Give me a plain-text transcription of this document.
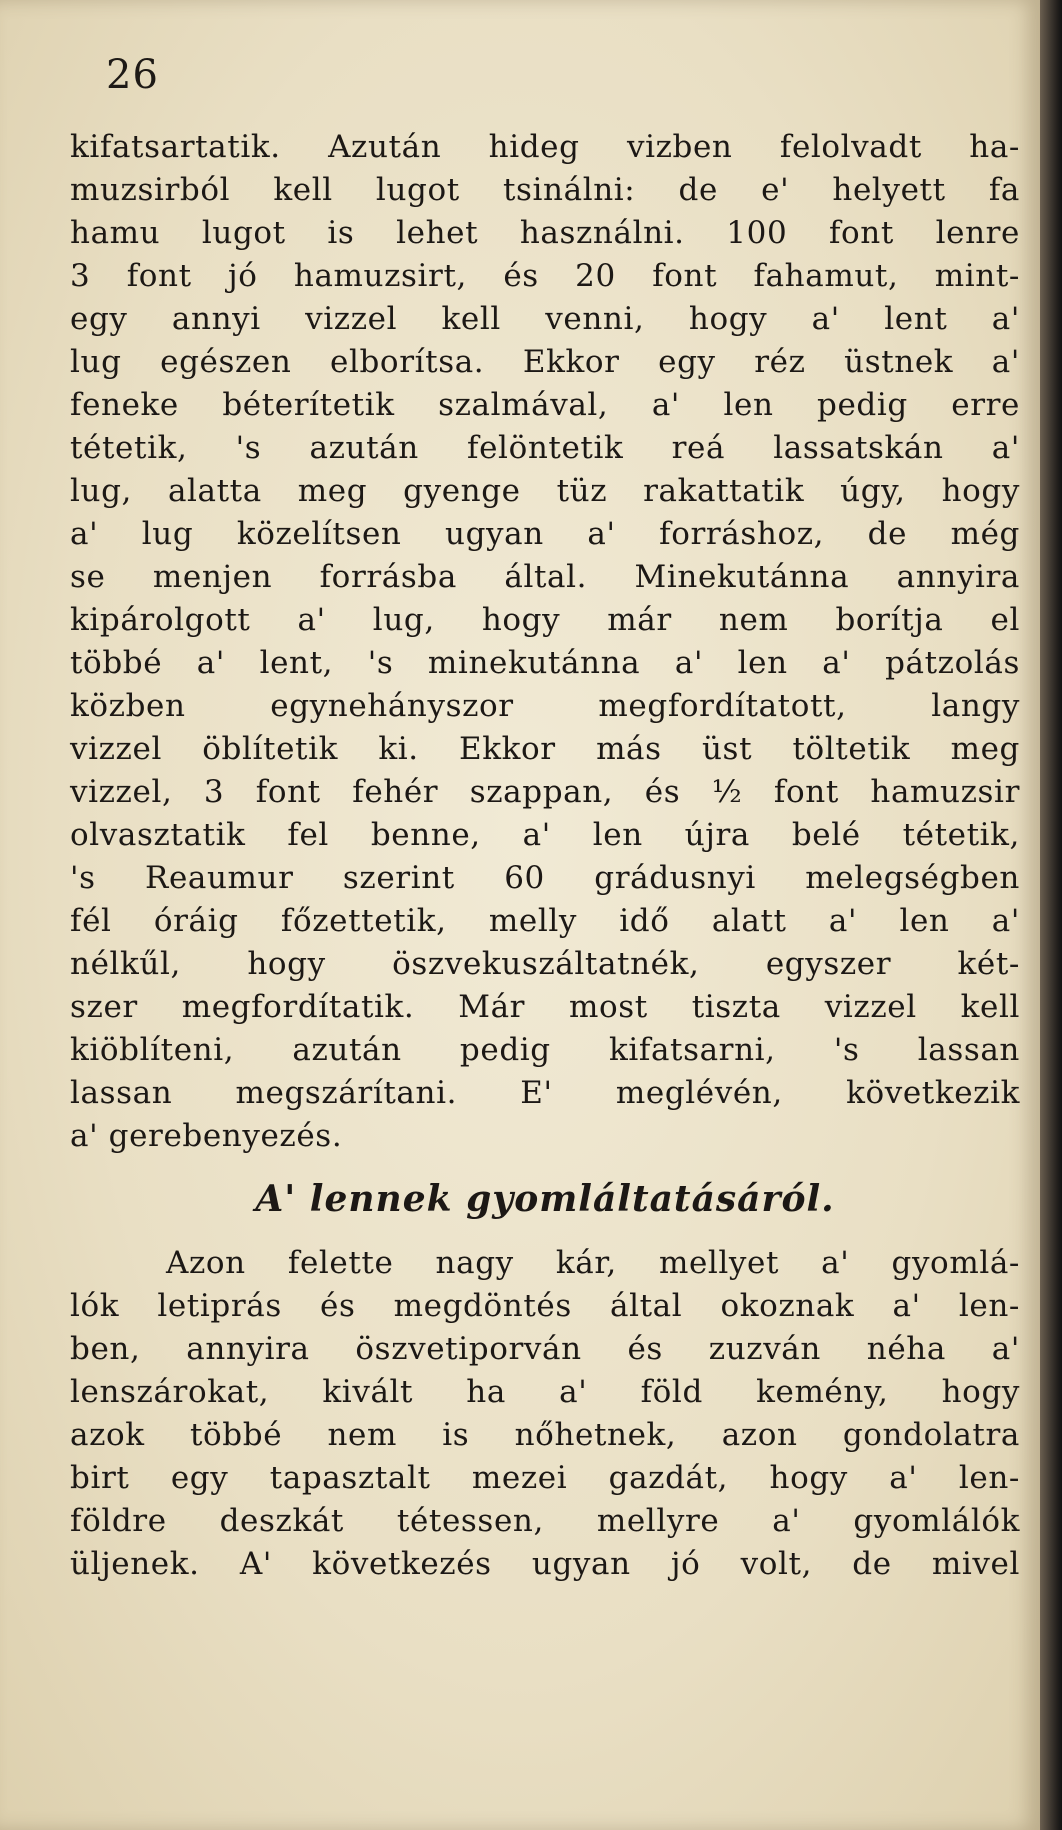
26
kifatsartatik. Azután hideg vizben felolvadt ha-
muzsirból kell lugot tsinálni: de e' helyett fa
hamu lugot is lehet használni. 100 font lenre
3 font jó hamuzsirt, és 20 font fahamut, mint-
egy annyi vizzel kell venni, hogy a' lent a'
lug egészen elborítsa. Ekkor egy réz üstnek a'
feneke béterítetik szalmával, a' len pedig erre
tétetik, 's azután felöntetik reá lassatskán a'
lug, alatta meg gyenge tüz rakattatik úgy, hogy
a' lug közelítsen ugyan a' forráshoz, de még
se menjen forrásba által. Minekutánna annyira
kipárolgott a' lug, hogy már nem borítja el
többé a' lent, 's minekutánna a' len a' pátzolás
közben egynehányszor megfordítatott, langy
vizzel öblítetik ki. Ekkor más üst töltetik meg
vizzel, 3 font fehér szappan, és ½ font hamuzsir
olvasztatik fel benne, a' len újra belé tétetik,
's Reaumur szerint 60 grádusnyi melegségben
fél óráig főzettetik, melly idő alatt a' len a'
nélkűl, hogy öszvekuszáltatnék, egyszer két-
szer megfordítatik. Már most tiszta vizzel kell
kiöblíteni, azután pedig kifatsarni, 's lassan
lassan megszárítani. E' meglévén, következik
a' gerebenyezés.
A' lennek gyomláltatásáról.
Azon felette nagy kár, mellyet a' gyomlá-
lók letiprás és megdöntés által okoznak a' len-
ben, annyira öszvetiporván és zuzván néha a'
lenszárokat, kivált ha a' föld kemény, hogy
azok többé nem is nőhetnek, azon gondolatra
birt egy tapasztalt mezei gazdát, hogy a' len-
földre deszkát tétessen, mellyre a' gyomlálók
üljenek. A' következés ugyan jó volt, de mivel
